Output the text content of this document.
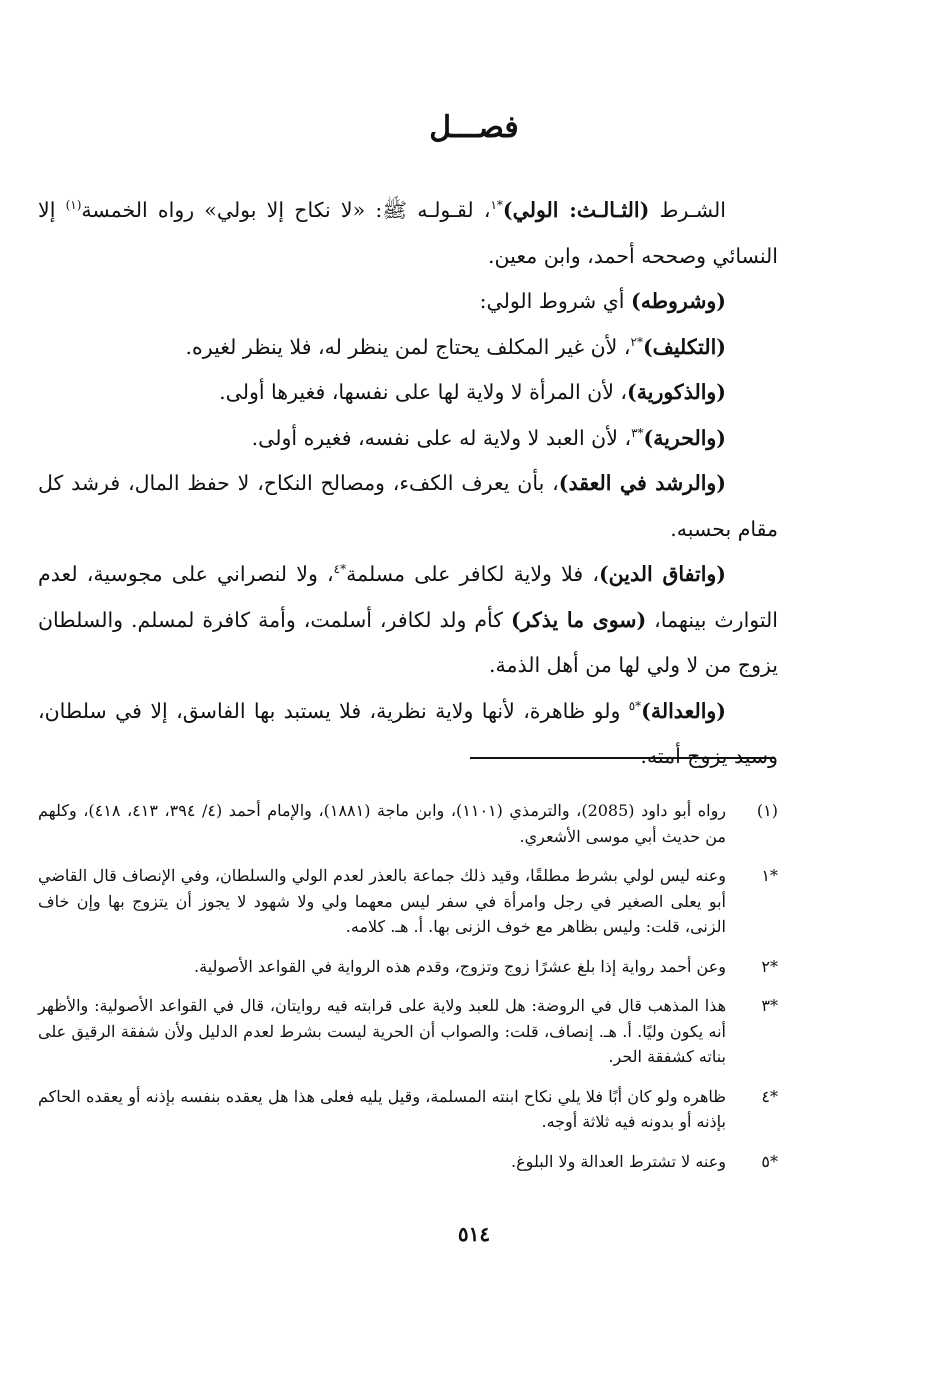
فصـــل

الشـرط (الثـالـث: الولي)$^{*١}$، لقـولـه ﷺ: «لا نكاح إلا بولي» رواه الخمسة$^{(١)}$ إلا النسائي وصححه أحمد، وابن معين.

(وشروطه) أي شروط الولي:

(التكليف)$^{*٢}$، لأن غير المكلف يحتاج لمن ينظر له، فلا ينظر لغيره.

(والذكورية)، لأن المرأة لا ولاية لها على نفسها، فغيرها أولى.

(والحرية)$^{*٣}$، لأن العبد لا ولاية له على نفسه، فغيره أولى.

(والرشد في العقد)، بأن يعرف الكفء، ومصالح النكاح، لا حفظ المال، فرشد كل مقام بحسبه.

(واتفاق الدين)، فلا ولاية لكافر على مسلمة$^{*٤}$، ولا لنصراني على مجوسية، لعدم التوارث بينهما، (سوى ما يذكر) كأم ولد لكافر، أسلمت، وأمة كافرة لمسلم. والسلطان يزوج من لا ولي لها من أهل الذمة.

(والعدالة)$^{*٥}$ ولو ظاهرة، لأنها ولاية نظرية، فلا يستبد بها الفاسق، إلا في سلطان، وسيد يزوج أمته.

(١)
رواه أبو داود (2085)، والترمذي (١١٠١)، وابن ماجة (١٨٨١)، والإمام أحمد (٤/ ٣٩٤، ٤١٣، ٤١٨)، وكلهم من حديث أبي موسى الأشعري.
*١
وعنه ليس لولي بشرط مطلقًا، وقيد ذلك جماعة بالعذر لعدم الولي والسلطان، وفي الإنصاف قال القاضي أبو يعلى الصغير في رجل وامرأة في سفر ليس معهما ولي ولا شهود لا يجوز أن يتزوج بها وإن خاف الزنى، قلت: وليس بظاهر مع خوف الزنى بها. أ. هـ. كلامه.
*٢
وعن أحمد رواية إذا بلغ عشرًا زوج وتزوج، وقدم هذه الرواية في القواعد الأصولية.
*٣
هذا المذهب قال في الروضة: هل للعبد ولاية على قرابته فيه روايتان، قال في القواعد الأصولية: والأظهر أنه يكون وليًا. أ. هـ. إنصاف، قلت: والصواب أن الحرية ليست بشرط لعدم الدليل ولأن شفقة الرقيق على بناته كشفقة الحر.
*٤
ظاهره ولو كان أبًا فلا يلي نكاح ابنته المسلمة، وقيل يليه فعلى هذا هل يعقده بنفسه بإذنه أو يعقده الحاكم بإذنه أو بدونه فيه ثلاثة أوجه.
*٥
وعنه لا تشترط العدالة ولا البلوغ.
٥١٤
